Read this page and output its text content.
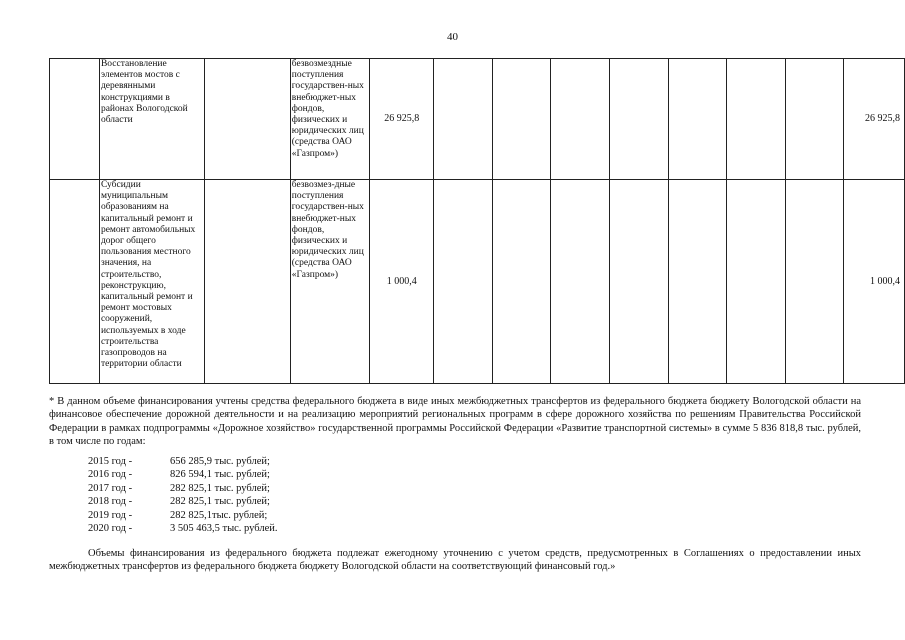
40
	Восстановление элементов мостов с деревянными конструкциями в районах Вологодской области		безвозмездные поступления государствен-ных внебюджет-ных фондов, физических и юридических лиц (средства ОАО «Газпром»)	26 925,8								26 925,8
	Субсидии муниципальным образованиям на капитальный ремонт и ремонт автомобильных дорог общего пользования местного значения, на строительство, реконструкцию, капитальный ремонт и ремонт мостовых сооружений, используемых в ходе строительства газопроводов на территории области		безвозмез-дные поступления государствен-ных внебюджет-ных фондов, физических и юридических лиц (средства ОАО «Газпром»)	1 000,4								1 000,4

* В данном объеме финансирования учтены средства федерального бюджета в виде иных межбюджетных трансфертов из федерального бюджета бюджету Вологодской области на финансовое обеспечение дорожной деятельности и на реализацию мероприятий региональных программ в сфере дорожного хозяйства по решениям Правительства Российской Федерации в рамках подпрограммы «Дорожное хозяйство» государственной программы Российской Федерации «Развитие транспортной системы» в сумме 5 836 818,8 тыс. рублей, в том числе по годам:

2015 год -	656 285,9 тыс. рублей;
2016 год -	826 594,1 тыс. рублей;
2017 год -	282 825,1 тыс. рублей;
2018 год -	282 825,1 тыс. рублей;
2019 год -	282 825,1тыс. рублей;
2020 год -	3 505 463,5 тыс. рублей.

Объемы финансирования из федерального бюджета подлежат ежегодному уточнению с учетом средств, предусмотренных в Соглашениях о предоставлении иных межбюджетных трансфертов из федерального бюджета бюджету Вологодской области на соответствующий финансовый год.»
